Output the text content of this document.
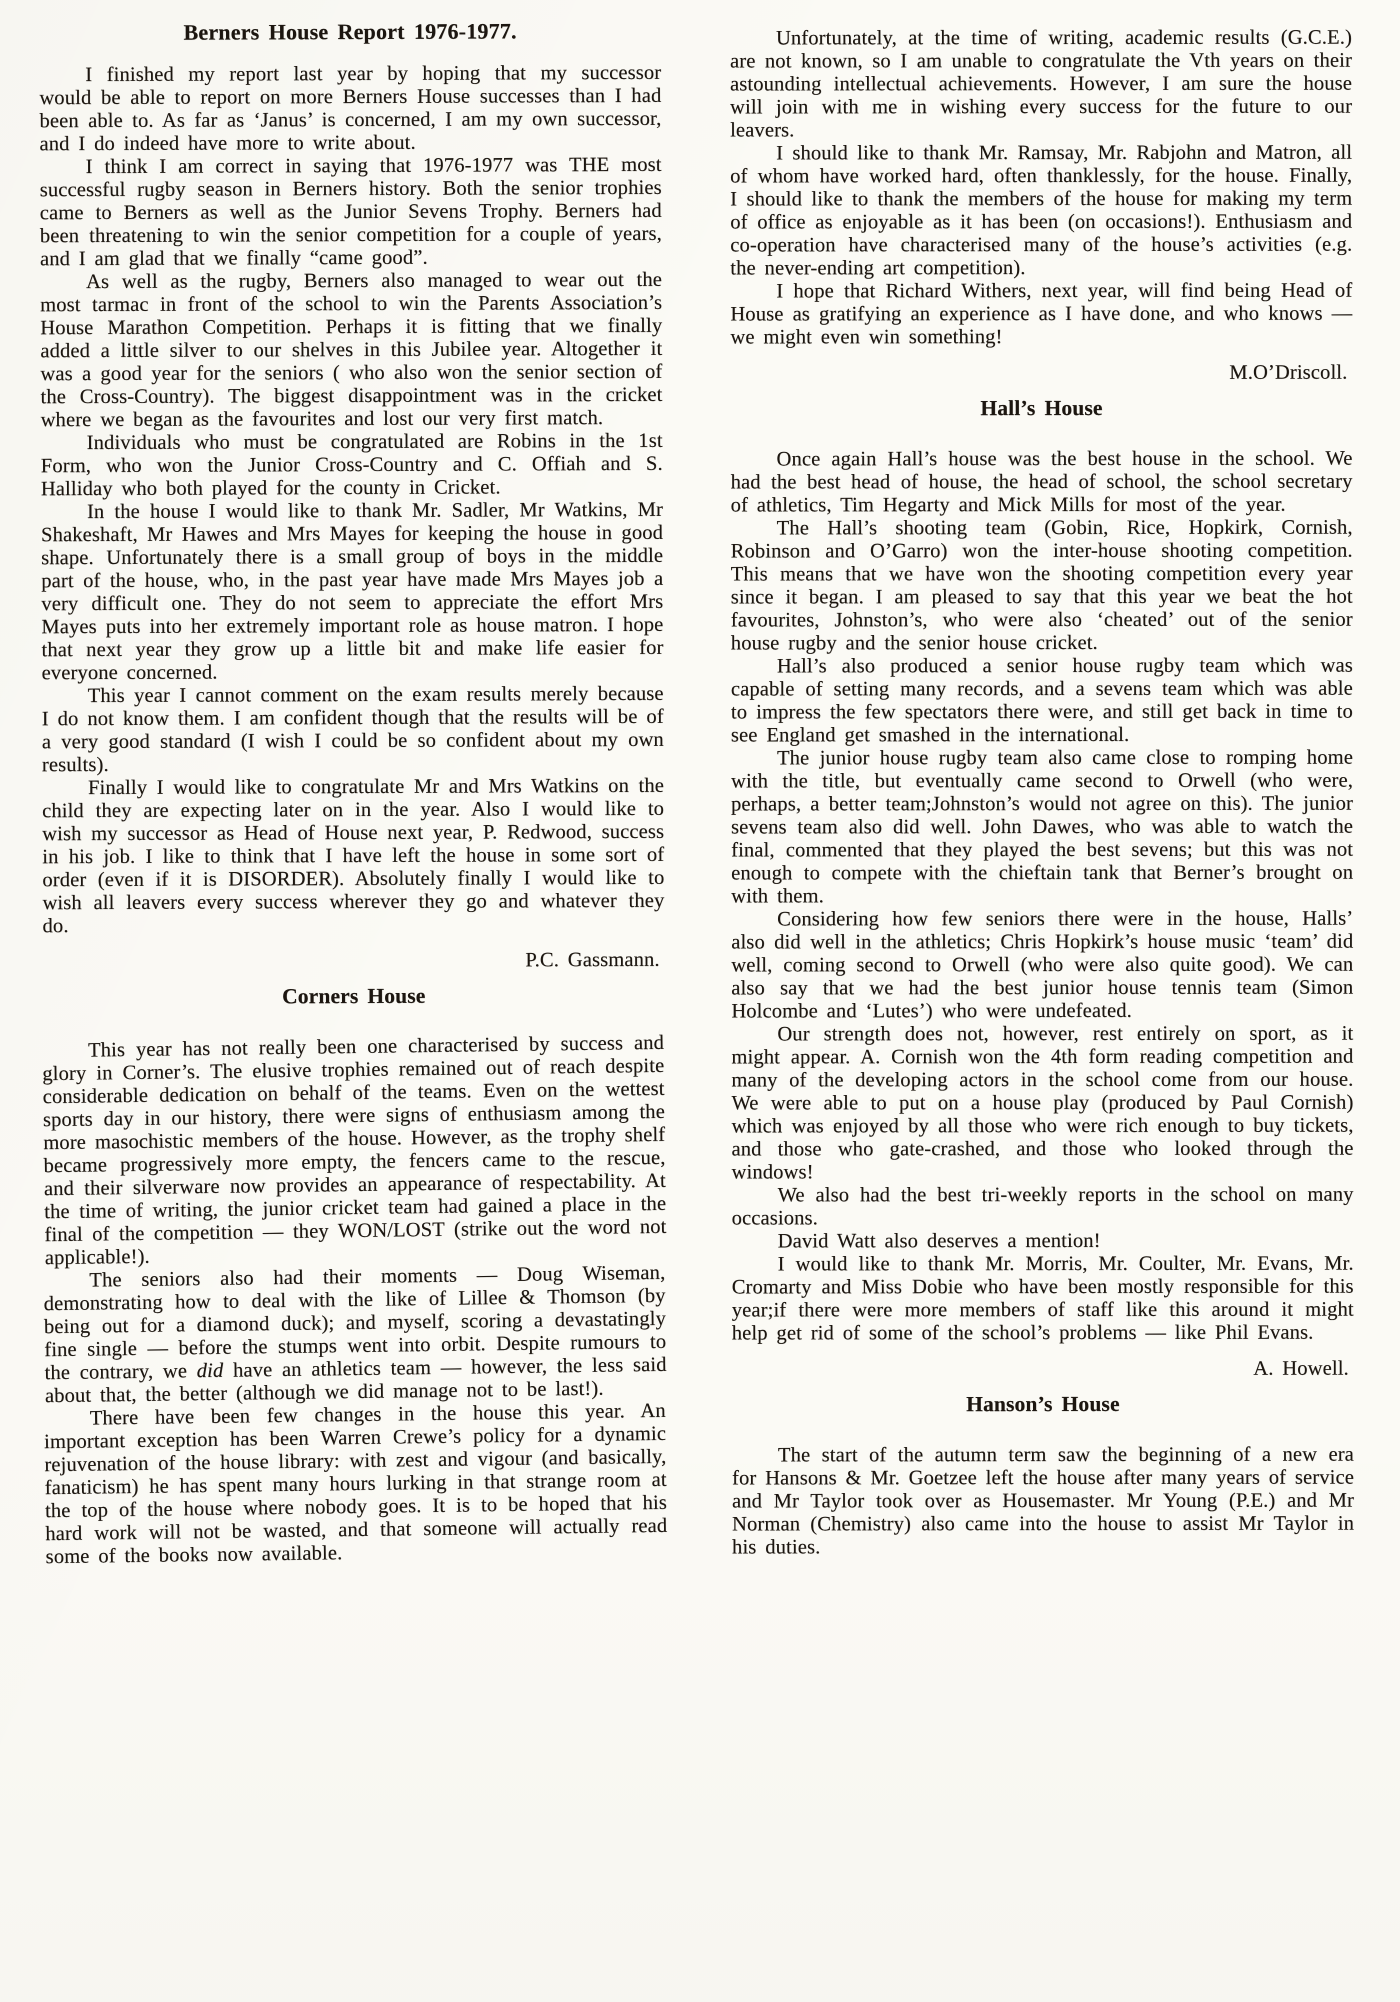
Berners House Report 1976-1977.
I finished my report last year by hoping that my successor would be able to report on more Berners House successes than I had been able to. As far as ‘Janus’ is concerned, I am my own successor, and I do indeed have more to write about.
I think I am correct in saying that 1976-1977 was THE most successful rugby season in Berners history. Both the senior trophies came to Berners as well as the Junior Sevens Trophy. Berners had been threatening to win the senior competition for a couple of years, and I am glad that we finally “came good”.
As well as the rugby, Berners also managed to wear out the most tarmac in front of the school to win the Parents Association’s House Marathon Competition. Perhaps it is fitting that we finally added a little silver to our shelves in this Jubilee year. Altogether it was a good year for the seniors ( who also won the senior section of the Cross-Country). The biggest disappointment was in the cricket where we began as the favourites and lost our very first match.
Individuals who must be congratulated are Robins in the 1st Form, who won the Junior Cross-Country and C. Offiah and S. Halliday who both played for the county in Cricket.
In the house I would like to thank Mr. Sadler, Mr Watkins, Mr Shakeshaft, Mr Hawes and Mrs Mayes for keeping the house in good shape. Unfortunately there is a small group of boys in the middle part of the house, who, in the past year have made Mrs Mayes job a very difficult one. They do not seem to appreciate the effort Mrs Mayes puts into her extremely important role as house matron. I hope that next year they grow up a little bit and make life easier for everyone concerned.
This year I cannot comment on the exam results merely because I do not know them. I am confident though that the results will be of a very good standard (I wish I could be so confident about my own results).
Finally I would like to congratulate Mr and Mrs Watkins on the child they are expecting later on in the year. Also I would like to wish my successor as Head of House next year, P. Redwood, success in his job. I like to think that I have left the house in some sort of order (even if it is DISORDER). Absolutely finally I would like to wish all leavers every success wherever they go and whatever they do.
P.C. Gassmann.
Corners House
This year has not really been one characterised by success and glory in Corner’s. The elusive trophies remained out of reach despite considerable dedication on behalf of the teams. Even on the wettest sports day in our history, there were signs of enthusiasm among the more masochistic members of the house. However, as the trophy shelf became progressively more empty, the fencers came to the rescue, and their silverware now provides an appearance of respectability. At the time of writing, the junior cricket team had gained a place in the final of the competition — they WON/LOST (strike out the word not applicable!).
The seniors also had their moments — Doug Wiseman, demonstrating how to deal with the like of Lillee & Thomson (by being out for a diamond duck); and myself, scoring a devastatingly fine single — before the stumps went into orbit. Despite rumours to the contrary, we did have an athletics team — however, the less said about that, the better (although we did manage not to be last!).
There have been few changes in the house this year. An important exception has been Warren Crewe’s policy for a dynamic rejuvenation of the house library: with zest and vigour (and basically, fanaticism) he has spent many hours lurking in that strange room at the top of the house where nobody goes. It is to be hoped that his hard work will not be wasted, and that someone will actually read some of the books now available.
Unfortunately, at the time of writing, academic results (G.C.E.) are not known, so I am unable to congratulate the Vth years on their astounding intellectual achievements. However, I am sure the house will join with me in wishing every success for the future to our leavers.
I should like to thank Mr. Ramsay, Mr. Rabjohn and Matron, all of whom have worked hard, often thanklessly, for the house. Finally, I should like to thank the members of the house for making my term of office as enjoyable as it has been (on occasions!). Enthusiasm and co-operation have characterised many of the house’s activities (e.g. the never-ending art competition).
I hope that Richard Withers, next year, will find being Head of House as gratifying an experience as I have done, and who knows — we might even win something!
M.O’Driscoll.
Hall’s House
Once again Hall’s house was the best house in the school. We had the best head of house, the head of school, the school secretary of athletics, Tim Hegarty and Mick Mills for most of the year.
The Hall’s shooting team (Gobin, Rice, Hopkirk, Cornish, Robinson and O’Garro) won the inter-house shooting competition. This means that we have won the shooting competition every year since it began. I am pleased to say that this year we beat the hot favourites, Johnston’s, who were also ‘cheated’ out of the senior house rugby and the senior house cricket.
Hall’s also produced a senior house rugby team which was capable of setting many records, and a sevens team which was able to impress the few spectators there were, and still get back in time to see England get smashed in the international.
The junior house rugby team also came close to romping home with the title, but eventually came second to Orwell (who were, perhaps, a better team;Johnston’s would not agree on this). The junior sevens team also did well. John Dawes, who was able to watch the final, commented that they played the best sevens; but this was not enough to compete with the chieftain tank that Berner’s brought on with them.
Considering how few seniors there were in the house, Halls’ also did well in the athletics; Chris Hopkirk’s house music ‘team’ did well, coming second to Orwell (who were also quite good). We can also say that we had the best junior house tennis team (Simon Holcombe and ‘Lutes’) who were undefeated.
Our strength does not, however, rest entirely on sport, as it might appear. A. Cornish won the 4th form reading competition and many of the developing actors in the school come from our house. We were able to put on a house play (produced by Paul Cornish) which was enjoyed by all those who were rich enough to buy tickets, and those who gate-crashed, and those who looked through the windows!
We also had the best tri-weekly reports in the school on many occasions.
David Watt also deserves a mention!
I would like to thank Mr. Morris, Mr. Coulter, Mr. Evans, Mr. Cromarty and Miss Dobie who have been mostly responsible for this year;if there were more members of staff like this around it might help get rid of some of the school’s problems — like Phil Evans.
A. Howell.
Hanson’s House
The start of the autumn term saw the beginning of a new era for Hansons & Mr. Goetzee left the house after many years of service and Mr Taylor took over as Housemaster. Mr Young (P.E.) and Mr Norman (Chemistry) also came into the house to assist Mr Taylor in his duties.
